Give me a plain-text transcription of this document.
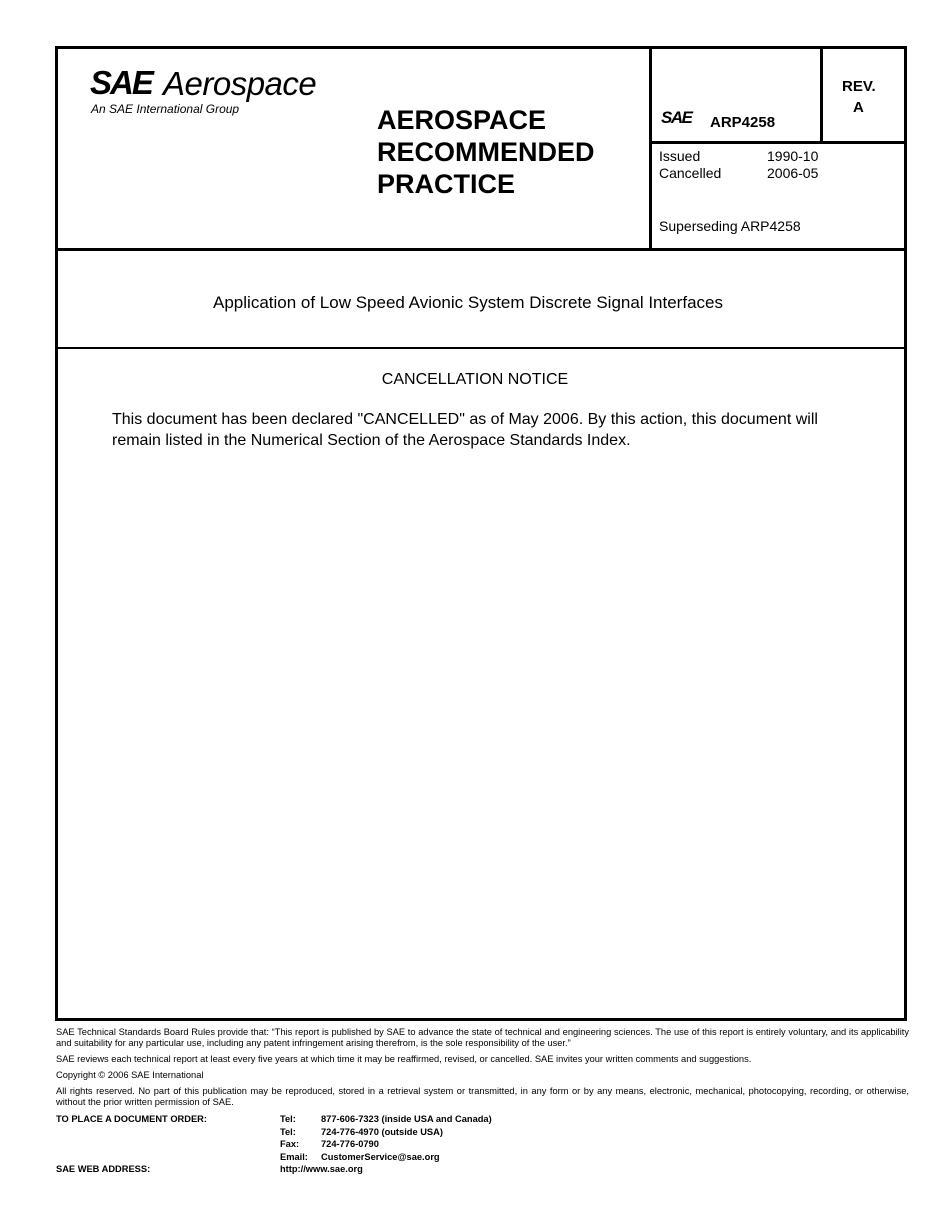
SAE Aerospace
An SAE International Group	AEROSPACE
RECOMMENDED
PRACTICE
SAE ARP4258
REV.
A
Issued	1990-10
Cancelled	2006-05
Superseding ARP4258
Application of Low Speed Avionic System Discrete Signal Interfaces
CANCELLATION NOTICE
This document has been declared "CANCELLED" as of May 2006. By this action, this document will remain listed in the Numerical Section of the Aerospace Standards Index.

SAE Technical Standards Board Rules provide that: “This report is published by SAE to advance the state of technical and engineering sciences. The use of this report is entirely voluntary, and its applicability and suitability for any particular use, including any patent infringement arising therefrom, is the sole responsibility of the user.”

SAE reviews each technical report at least every five years at which time it may be reaffirmed, revised, or cancelled. SAE invites your written comments and suggestions.

Copyright © 2006 SAE International

All rights reserved. No part of this publication may be reproduced, stored in a retrieval system or transmitted, in any form or by any means, electronic, mechanical, photocopying, recording, or otherwise, without the prior written permission of SAE.

TO PLACE A DOCUMENT ORDER:	Tel:	877-606-7323 (inside USA and Canada)
Tel:	724-776-4970 (outside USA)
Fax: 724-776-0790
Email: CustomerService@sae.org
SAE WEB ADDRESS:	http://www.sae.org
